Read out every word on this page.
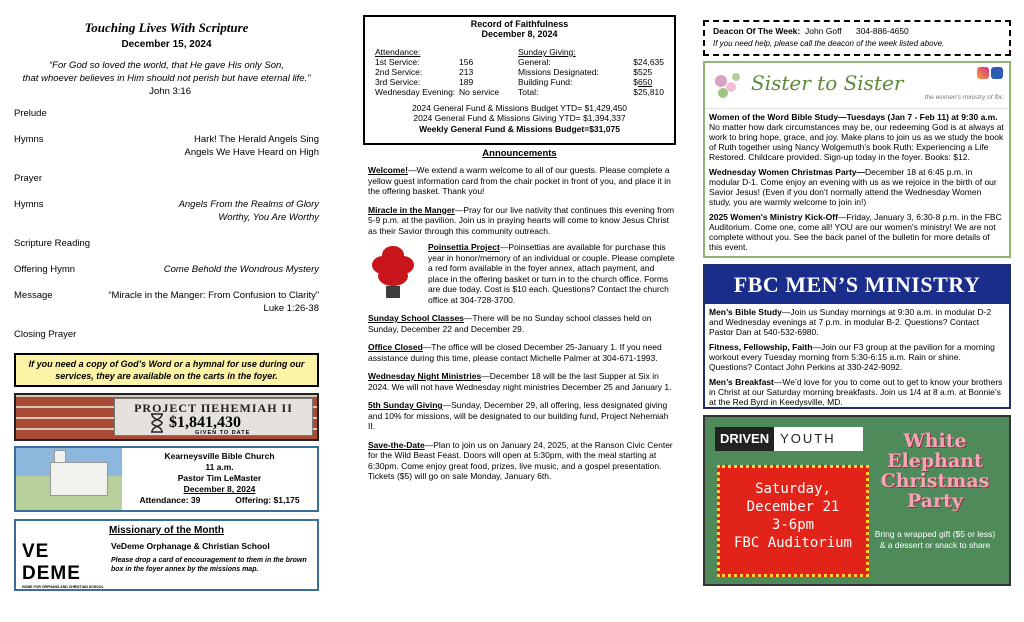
Touching Lives With Scripture
December 15, 2024
“For God so loved the world, that He gave His only Son,
that whoever believes in Him should not perish but have eternal life.”
John 3:16
Prelude
Hymns	Hark! The Herald Angels Sing
Angels We Have Heard on High
Prayer
Hymns	Angels From the Realms of Glory
Worthy, You Are Worthy
Scripture Reading
Offering Hymn	Come Behold the Wondrous Mystery
Message	“Miracle in the Manger: From Confusion to Clarity”
Luke 1:26-38
Closing Prayer
If you need a copy of God’s Word or a hymnal for use during our services, they are available on the carts in the foyer.
PROJECT ПΕНΕМΙАН II
$1,841,430
GIVEN TO DATE
Kearneysville Bible Church
11 a.m.
Pastor Tim LeMaster
December 8, 2024
Attendance: 39	Offering: $1,175
Missionary of the Month
VE DEME
HOME FOR ORPHANS AND CHRISTIAN SCHOOL
VeDeme Orphanage & Christian School
Please drop a card of encouragement to them in the brown box in the foyer annex by the missions map.
Record of Faithfulness
December 8, 2024
Attendance:
1st Service:	156
2nd Service:	213
3rd Service:	189
Wednesday Evening: No service
Sunday Giving:
General:	$ 24,635
Missions Designated:	$ 525
Building Fund:	$ 650
Total:	$ 25,810
2024 General Fund & Missions Budget YTD= $1,429,450
2024 General Fund & Missions Giving YTD= $1,394,337
Weekly General Fund & Missions Budget=$31,075
Announcements

Welcome!—We extend a warm welcome to all of our guests. Please complete a yellow guest information card from the chair pocket in front of you, and place it in the offering basket. Thank you!

Miracle in the Manger—Pray for our live nativity that continues this evening from 5-9 p.m. at the pavilion. Join us in praying hearts will come to know Jesus Christ as their Savior through this community outreach.

Poinsettia Project—Poinsettias are available for purchase this year in honor/memory of an individual or couple. Please complete a red form available in the foyer annex, attach payment, and place in the offering basket or turn in to the church office. Forms are due today. Cost is $10 each. Questions? Contact the church office at 304-728-3700.

Sunday School Classes—There will be no Sunday school classes held on Sunday, December 22 and December 29.

Office Closed—The office will be closed December 25-January 1. If you need assistance during this time, please contact Michelle Palmer at 304-671-1993.

Wednesday Night Ministries—December 18 will be the last Supper at Six in 2024. We will not have Wednesday night ministries December 25 and January 1.

5th Sunday Giving—Sunday, December 29, all offering, less designated giving and 10% for missions, will be designated to our building fund, Project Nehemiah II.

Save-the-Date—Plan to join us on January 24, 2025, at the Ranson Civic Center for the Wild Beast Feast. Doors will open at 5:30pm, with the meal starting at 6:30pm. Come enjoy great food, prizes, live music, and a gospel presentation. Tickets ($5) will go on sale Monday, January 6th.

Deacon Of The Week: John Goff 304-886-4650
If you need help, please call the deacon of the week listed above.
Sister to Sister
the women's ministry of fbc

Women of the Word Bible Study—Tuesdays (Jan 7 - Feb 11) at 9:30 a.m. No matter how dark circumstances may be, our redeeming God is at always at work to bring hope, grace, and joy. Make plans to join us as we study the book of Ruth together using Nancy Wolgemuth’s book Ruth: Experiencing a Life Restored. Childcare provided. Sign-up today in the foyer. Books: $12.

Wednesday Women Christmas Party—December 18 at 6:45 p.m. in modular D-1. Come enjoy an evening with us as we rejoice in the birth of our Savior Jesus! (Even if you don’t normally attend the Wednesday Women study, you are warmly welcome to join in!)

2025 Women's Ministry Kick-Off—Friday, January 3, 6:30-8 p.m. in the FBC Auditorium. Come one, come all! YOU are our women's ministry! We are not complete without you. See the back panel of the bulletin for more details of this event.

FBC MEN’S MINISTRY

Men’s Bible Study—Join us Sunday mornings at 9:30 a.m. in modular D-2 and Wednesday evenings at 7 p.m. in modular B-2. Questions? Contact Pastor Dan at 540-532-6980.

Fitness, Fellowship, Faith—Join our F3 group at the pavilion for a morning workout every Tuesday morning from 5:30-6:15 a.m. Rain or shine. Questions? Contact John Perkins at 330-242-9092.

Men’s Breakfast—We’d love for you to come out to get to know your brothers in Christ at our Saturday morning breakfasts. Join us 1/4 at 8 a.m. at Bonnie’s at the Red Byrd in Keedysville, MD.

DRIVEN YOUTH
Saturday,
December 21
3-6pm
FBC Auditorium
White Elephant Christmas Party
Bring a wrapped gift ($5 or less) & a dessert or snack to share
